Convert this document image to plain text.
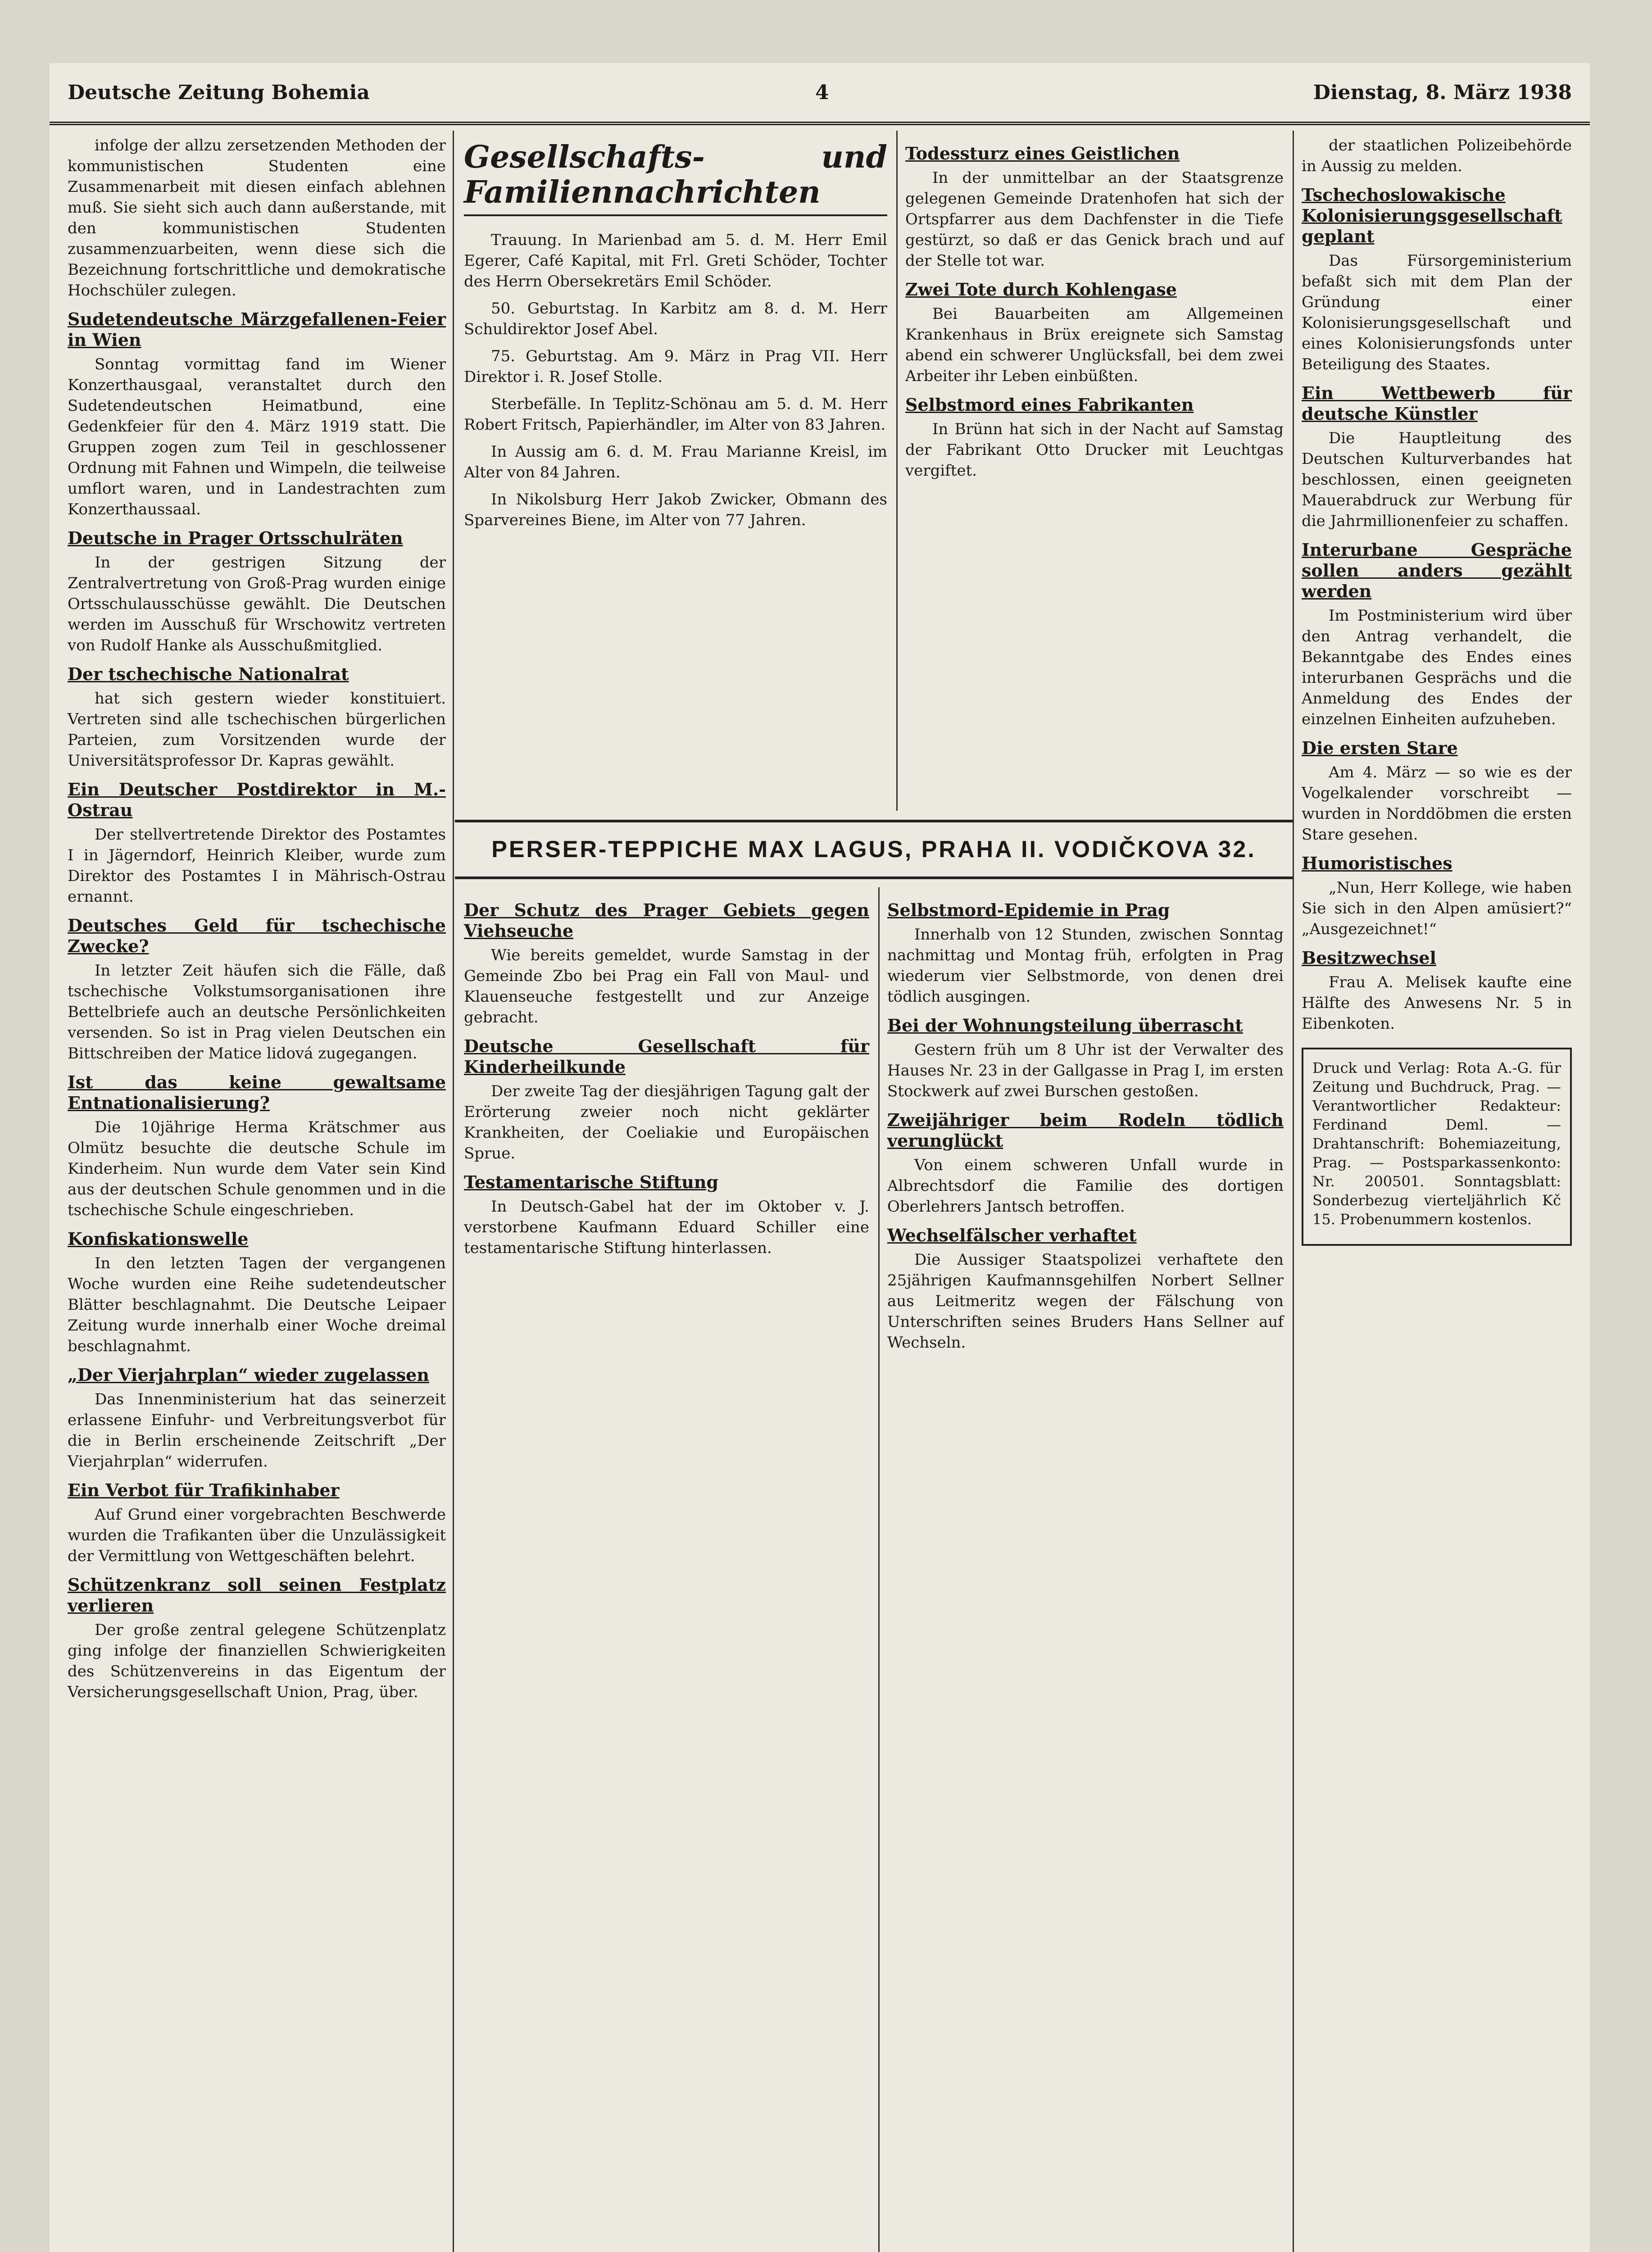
Deutsche Zeitung Bohemia	4	Dienstag, 8. März 1938

infolge der allzu zersetzenden Methoden der kommunistischen Studenten eine Zusammenarbeit mit diesen einfach ablehnen muß. Sie sieht sich auch dann außerstande, mit den kommunistischen Studenten zusammenzuarbeiten, wenn diese sich die Bezeichnung fortschrittliche und demokratische Hochschüler zulegen.

Sudetendeutsche Märzgefallenen-Feier in Wien

Sonntag vormittag fand im Wiener Konzerthausgaal, veranstaltet durch den Sudetendeutschen Heimatbund, eine Gedenkfeier für den 4. März 1919 statt. Die Gruppen zogen zum Teil in geschlossener Ordnung mit Fahnen und Wimpeln, die teilweise umflort waren, und in Landestrachten zum Konzerthaussaal.

Deutsche in Prager Ortsschulräten

In der gestrigen Sitzung der Zentralvertretung von Groß-Prag wurden einige Ortsschulausschüsse gewählt. Die Deutschen werden im Ausschuß für Wrschowitz vertreten von Rudolf Hanke als Ausschußmitglied.

Der tschechische Nationalrat

hat sich gestern wieder konstituiert. Vertreten sind alle tschechischen bürgerlichen Parteien, zum Vorsitzenden wurde der Universitätsprofessor Dr. Kapras gewählt.

Ein Deutscher Postdirektor in M.-Ostrau

Der stellvertretende Direktor des Postamtes I in Jägerndorf, Heinrich Kleiber, wurde zum Direktor des Postamtes I in Mährisch-Ostrau ernannt.

Deutsches Geld für tschechische Zwecke?

In letzter Zeit häufen sich die Fälle, daß tschechische Volkstumsorganisationen ihre Bettelbriefe auch an deutsche Persönlichkeiten versenden. So ist in Prag vielen Deutschen ein Bittschreiben der Matice lidová zugegangen.

Ist das keine gewaltsame Entnationalisierung?

Die 10jährige Herma Krätschmer aus Olmütz besuchte die deutsche Schule im Kinderheim. Nun wurde dem Vater sein Kind aus der deutschen Schule genommen und in die tschechische Schule eingeschrieben.

Konfiskationswelle

In den letzten Tagen der vergangenen Woche wurden eine Reihe sudetendeutscher Blätter beschlagnahmt. Die Deutsche Leipaer Zeitung wurde innerhalb einer Woche dreimal beschlagnahmt.

„Der Vierjahrplan“ wieder zugelassen

Das Innenministerium hat das seinerzeit erlassene Einfuhr- und Verbreitungsverbot für die in Berlin erscheinende Zeitschrift „Der Vierjahrplan“ widerrufen.

Ein Verbot für Trafikinhaber

Auf Grund einer vorgebrachten Beschwerde wurden die Trafikanten über die Unzulässigkeit der Vermittlung von Wettgeschäften belehrt.

Schützenkranz soll seinen Festplatz verlieren

Der große zentral gelegene Schützenplatz ging infolge der finanziellen Schwierigkeiten des Schützenvereins in das Eigentum der Versicherungsgesellschaft Union, Prag, über.

Gesellschafts- und Familiennachrichten

Trauung. In Marienbad am 5. d. M. Herr Emil Egerer, Café Kapital, mit Frl. Greti Schöder, Tochter des Herrn Obersekretärs Emil Schöder.

50. Geburtstag. In Karbitz am 8. d. M. Herr Schuldirektor Josef Abel.

75. Geburtstag. Am 9. März in Prag VII. Herr Direktor i. R. Josef Stolle.

Sterbefälle. In Teplitz-Schönau am 5. d. M. Herr Robert Fritsch, Papierhändler, im Alter von 83 Jahren.

In Aussig am 6. d. M. Frau Marianne Kreisl, im Alter von 84 Jahren.

In Nikolsburg Herr Jakob Zwicker, Obmann des Sparvereines Biene, im Alter von 77 Jahren.

Todessturz eines Geistlichen

In der unmittelbar an der Staatsgrenze gelegenen Gemeinde Dratenhofen hat sich der Ortspfarrer aus dem Dachfenster in die Tiefe gestürzt, so daß er das Genick brach und auf der Stelle tot war.

Zwei Tote durch Kohlengase

Bei Bauarbeiten am Allgemeinen Krankenhaus in Brüx ereignete sich Samstag abend ein schwerer Unglücksfall, bei dem zwei Arbeiter ihr Leben einbüßten.

Selbstmord eines Fabrikanten

In Brünn hat sich in der Nacht auf Samstag der Fabrikant Otto Drucker mit Leuchtgas vergiftet.

PERSER-TEPPICHE MAX LAGUS, PRAHA II. VODIČKOVA 32.
Der Schutz des Prager Gebiets gegen Viehseuche

Wie bereits gemeldet, wurde Samstag in der Gemeinde Zbo bei Prag ein Fall von Maul- und Klauenseuche festgestellt und zur Anzeige gebracht.

Deutsche Gesellschaft für Kinderheilkunde

Der zweite Tag der diesjährigen Tagung galt der Erörterung zweier noch nicht geklärter Krankheiten, der Coeliakie und Europäischen Sprue.

Testamentarische Stiftung

In Deutsch-Gabel hat der im Oktober v. J. verstorbene Kaufmann Eduard Schiller eine testamentarische Stiftung hinterlassen.

Selbstmord-Epidemie in Prag

Innerhalb von 12 Stunden, zwischen Sonntag nachmittag und Montag früh, erfolgten in Prag wiederum vier Selbstmorde, von denen drei tödlich ausgingen.

Bei der Wohnungsteilung überrascht

Gestern früh um 8 Uhr ist der Verwalter des Hauses Nr. 23 in der Gallgasse in Prag I, im ersten Stockwerk auf zwei Burschen gestoßen.

Zweijähriger beim Rodeln tödlich verunglückt

Von einem schweren Unfall wurde in Albrechtsdorf die Familie des dortigen Oberlehrers Jantsch betroffen.

Wechselfälscher verhaftet

Die Aussiger Staatspolizei verhaftete den 25jährigen Kaufmannsgehilfen Norbert Sellner aus Leitmeritz wegen der Fälschung von Unterschriften seines Bruders Hans Sellner auf Wechseln.

der staatlichen Polizeibehörde in Aussig zu melden.

Tschechoslowakische Kolonisierungsgesellschaft geplant

Das Fürsorgeministerium befaßt sich mit dem Plan der Gründung einer Kolonisierungsgesellschaft und eines Kolonisierungsfonds unter Beteiligung des Staates.

Ein Wettbewerb für deutsche Künstler

Die Hauptleitung des Deutschen Kulturverbandes hat beschlossen, einen geeigneten Mauerabdruck zur Werbung für die Jahrmillionenfeier zu schaffen.

Interurbane Gespräche sollen anders gezählt werden

Im Postministerium wird über den Antrag verhandelt, die Bekanntgabe des Endes eines interurbanen Gesprächs und die Anmeldung des Endes der einzelnen Einheiten aufzuheben.

Die ersten Stare

Am 4. März — so wie es der Vogelkalender vorschreibt — wurden in Norddöbmen die ersten Stare gesehen.

Humoristisches

„Nun, Herr Kollege, wie haben Sie sich in den Alpen amüsiert?“ „Ausgezeichnet!“

Besitzwechsel

Frau A. Melisek kaufte eine Hälfte des Anwesens Nr. 5 in Eibenkoten.

Druck und Verlag: Rota A.-G. für Zeitung und Buchdruck, Prag. — Verantwortlicher Redakteur: Ferdinand Deml. — Drahtanschrift: Bohemiazeitung, Prag. — Postsparkassenkonto: Nr. 200501. Sonntagsblatt: Sonderbezug vierteljährlich Kč 15. Probenummern kostenlos.
